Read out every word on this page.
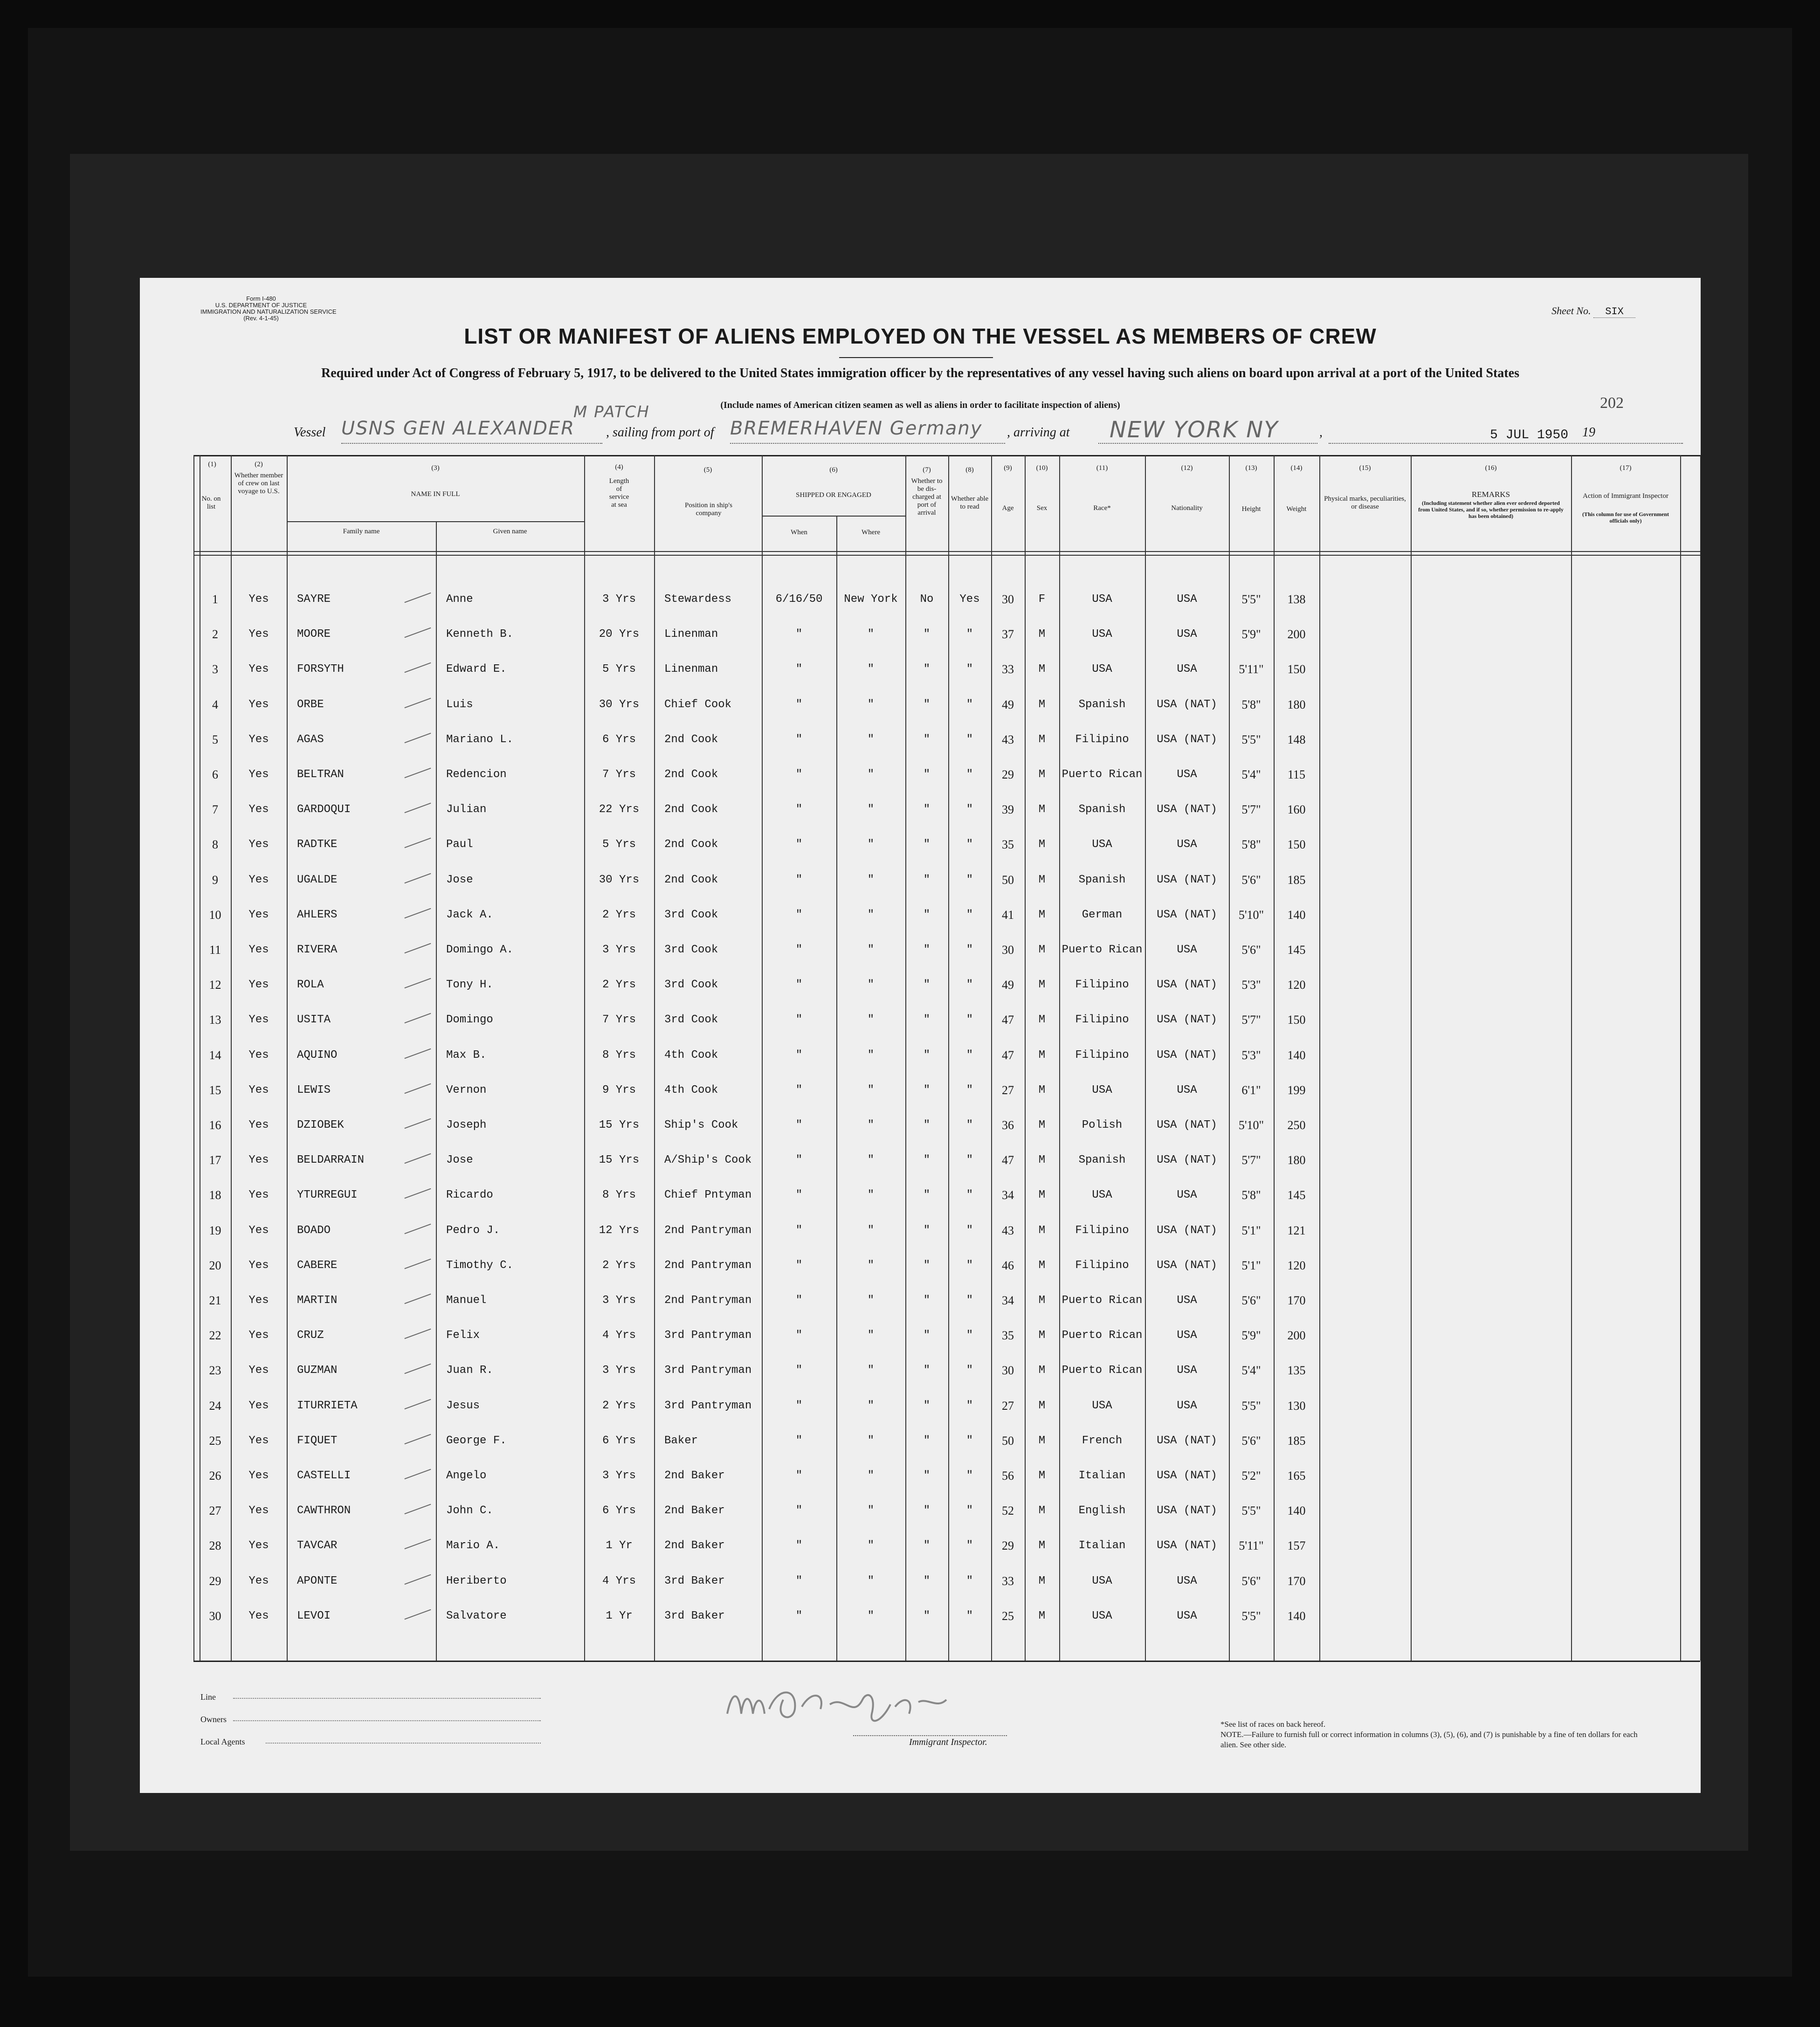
Form I-480
U.S. DEPARTMENT OF JUSTICE
IMMIGRATION AND NATURALIZATION SERVICE
(Rev. 4-1-45)
Sheet No. SIX
LIST OR MANIFEST OF ALIENS EMPLOYED ON THE VESSEL AS MEMBERS OF CREW
Required under Act of Congress of February 5, 1917, to be delivered to the United States immigration officer by the representatives of any vessel having such aliens on board upon arrival at a port of the United States
(Include names of American citizen seamen as well as aliens in order to facilitate inspection of aliens)	202
Vessel USNS GEN ALEXANDER
M PATCH
, sailing from port of BREMERHAVEN Germany , arriving at NEW YORK NY	,	5 JUL 1950 19
(1)
No. on list
(2)
Whether member of crew on last voyage to U.S.
(3)
NAME IN FULL
Family name	Given name
(4)
Length of service at sea
(5)
Position in ship's company
(6)
SHIPPED OR ENGAGED
When	Where
(7)
Whether to be dis-charged at port of arrival
(8)
Whether able to read
(9)
Age
(10)
Sex
(11)
Race*
(12)
Nationality
(13)
Height
(14)
Weight
(15)
Physical marks, peculiarities, or disease
(16)
REMARKS
(Including statement whether alien ever ordered deported from United States, and if so, whether permission to re-apply has been obtained)
(17)
Action of Immigrant Inspector
(This column for use of Government officials only)
1	Yes	SAYRE	Anne	3 Yrs	Stewardess	6/16/50	New York	No	Yes	30	F	USA	USA	5'5"	138
2	Yes	MOORE	Kenneth B.	20 Yrs	Linenman	"	"	"	"	37	M	USA	USA	5'9"	200
3	Yes	FORSYTH	Edward E.	5 Yrs	Linenman	"	"	"	"	33	M	USA	USA	5'11"	150
4	Yes	ORBE	Luis	30 Yrs	Chief Cook	"	"	"	"	49	M	Spanish	USA (NAT)	5'8"	180
5	Yes	AGAS	Mariano L.	6 Yrs	2nd Cook	"	"	"	"	43	M	Filipino	USA (NAT)	5'5"	148
6	Yes	BELTRAN	Redencion	7 Yrs	2nd Cook	"	"	"	"	29	M	Puerto Rican	USA	5'4"	115
7	Yes	GARDOQUI	Julian	22 Yrs	2nd Cook	"	"	"	"	39	M	Spanish	USA (NAT)	5'7"	160
8	Yes	RADTKE	Paul	5 Yrs	2nd Cook	"	"	"	"	35	M	USA	USA	5'8"	150
9	Yes	UGALDE	Jose	30 Yrs	2nd Cook	"	"	"	"	50	M	Spanish	USA (NAT)	5'6"	185
10	Yes	AHLERS	Jack A.	2 Yrs	3rd Cook	"	"	"	"	41	M	German	USA (NAT)	5'10"	140
11	Yes	RIVERA	Domingo A.	3 Yrs	3rd Cook	"	"	"	"	30	M	Puerto Rican	USA	5'6"	145
12	Yes	ROLA	Tony H.	2 Yrs	3rd Cook	"	"	"	"	49	M	Filipino	USA (NAT)	5'3"	120
13	Yes	USITA	Domingo	7 Yrs	3rd Cook	"	"	"	"	47	M	Filipino	USA (NAT)	5'7"	150
14	Yes	AQUINO	Max B.	8 Yrs	4th Cook	"	"	"	"	47	M	Filipino	USA (NAT)	5'3"	140
15	Yes	LEWIS	Vernon	9 Yrs	4th Cook	"	"	"	"	27	M	USA	USA	6'1"	199
16	Yes	DZIOBEK	Joseph	15 Yrs	Ship's Cook	"	"	"	"	36	M	Polish	USA (NAT)	5'10"	250
17	Yes	BELDARRAIN	Jose	15 Yrs	A/Ship's Cook	"	"	"	"	47	M	Spanish	USA (NAT)	5'7"	180
18	Yes	YTURREGUI	Ricardo	8 Yrs	Chief Pntyman	"	"	"	"	34	M	USA	USA	5'8"	145
19	Yes	BOADO	Pedro J.	12 Yrs	2nd Pantryman	"	"	"	"	43	M	Filipino	USA (NAT)	5'1"	121
20	Yes	CABERE	Timothy C.	2 Yrs	2nd Pantryman	"	"	"	"	46	M	Filipino	USA (NAT)	5'1"	120
21	Yes	MARTIN	Manuel	3 Yrs	2nd Pantryman	"	"	"	"	34	M	Puerto Rican	USA	5'6"	170
22	Yes	CRUZ	Felix	4 Yrs	3rd Pantryman	"	"	"	"	35	M	Puerto Rican	USA	5'9"	200
23	Yes	GUZMAN	Juan R.	3 Yrs	3rd Pantryman	"	"	"	"	30	M	Puerto Rican	USA	5'4"	135
24	Yes	ITURRIETA	Jesus	2 Yrs	3rd Pantryman	"	"	"	"	27	M	USA	USA	5'5"	130
25	Yes	FIQUET	George F.	6 Yrs	Baker	"	"	"	"	50	M	French	USA (NAT)	5'6"	185
26	Yes	CASTELLI	Angelo	3 Yrs	2nd Baker	"	"	"	"	56	M	Italian	USA (NAT)	5'2"	165
27	Yes	CAWTHRON	John C.	6 Yrs	2nd Baker	"	"	"	"	52	M	English	USA (NAT)	5'5"	140
28	Yes	TAVCAR	Mario A.	1 Yr	2nd Baker	"	"	"	"	29	M	Italian	USA (NAT)	5'11"	157
29	Yes	APONTE	Heriberto	4 Yrs	3rd Baker	"	"	"	"	33	M	USA	USA	5'6"	170
30	Yes	LEVOI	Salvatore	1 Yr	3rd Baker	"	"	"	"	25	M	USA	USA	5'5"	140
Line
Owners
Local Agents	Immigrant Inspector.
*See list of races on back hereof.
NOTE.—Failure to furnish full or correct information in columns (3), (5), (6), and (7) is punishable by a fine of ten dollars for each alien. See other side.
